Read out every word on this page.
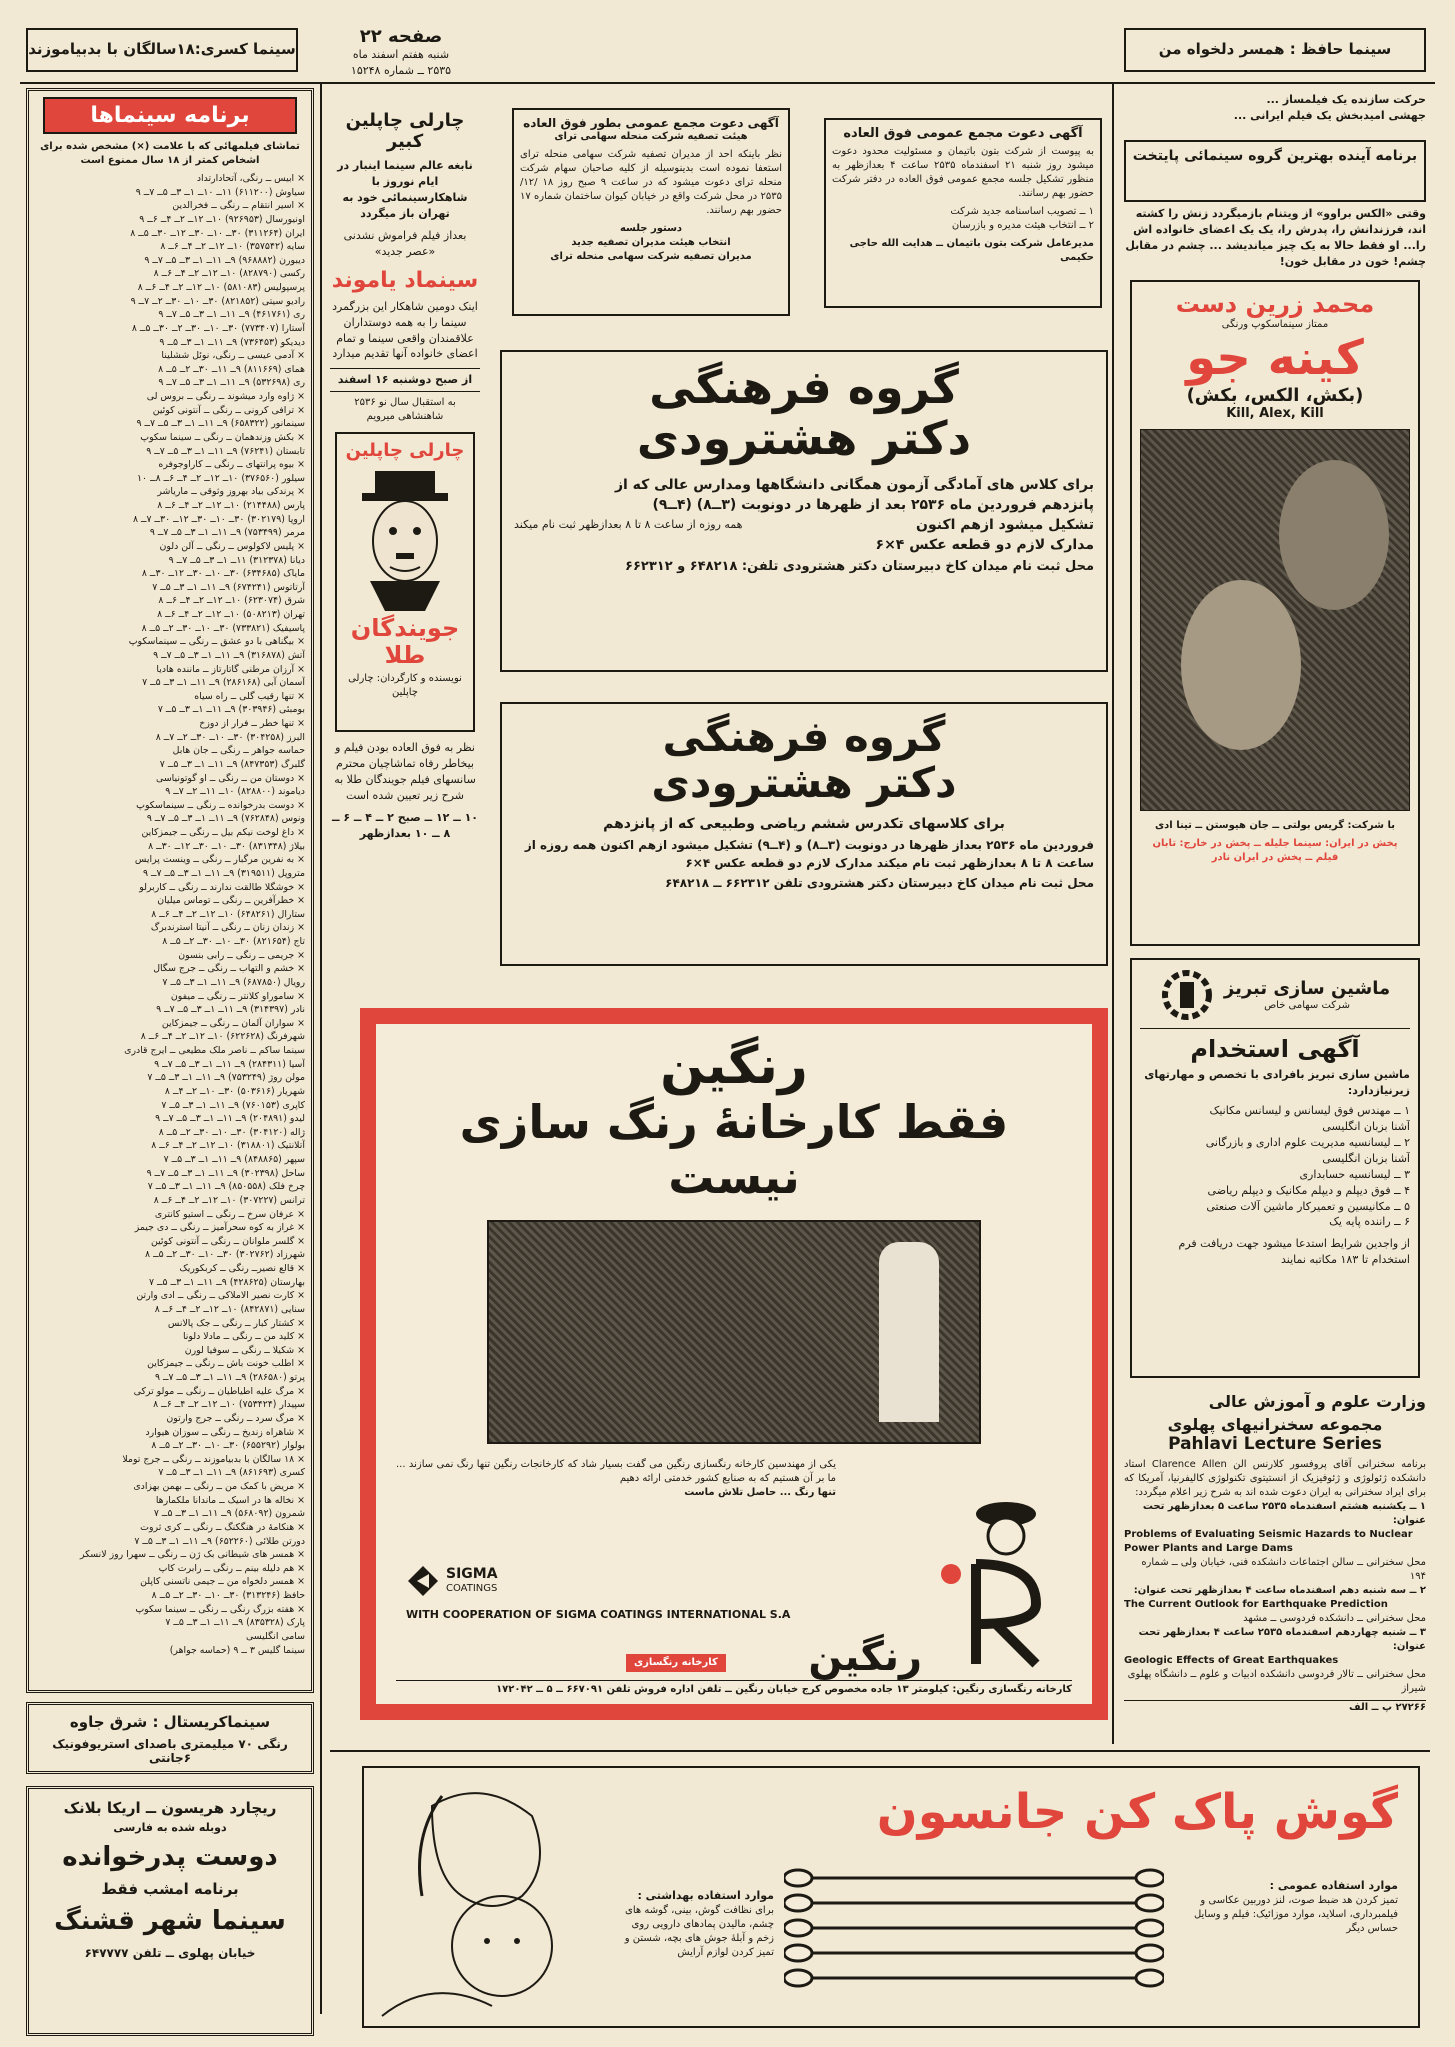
سینما کسری:۱۸سالگان با بدبیاموزند
صفحه ۲۲
شنبه هفتم اسفند ماه
۲۵۳۵ ــ شماره ۱۵۲۴۸
سینما حافظ : همسر دلخواه من
برنامه سینماها
تماشای فیلمهائی که با علامت (×) مشخص شده برای اشخاص کمتر از ۱۸ سال ممنوع است
× ابیس ــ رنگی، آتحادارتداد
سیاوش (۶۱۱۲۰۰) ۱۱ــ ۱۰ــ ۱ــ ۳ــ ۵ــ ۷ــ ۹
× اسیر انتقام ــ رنگی ــ فخرالدین
اونیورسال (۹۲۶۹۵۳) ۱۰ــ ۱۲ــ ۲ــ ۴ــ ۶ــ ۹
ایران (۳۱۱۲۶۴) ۳۰ــ ۱۰ــ ۳۰ــ ۱۲ــ ۳۰ــ ۵ــ ۸
سایه (۳۵۷۵۴۲) ۱۰ــ ۱۲ــ ۲ــ ۴ــ ۶ــ ۸
دیبورن (۹۶۸۸۸۲) ۹ــ ۱۱ــ ۱ــ ۳ــ ۵ــ ۷ــ ۹
رکسی (۸۲۸۷۹۰) ۱۰ــ ۱۲ــ ۲ــ ۴ــ ۶ــ ۸
پرسپولیس (۵۸۱۰۸۳) ۱۰ــ ۱۲ــ ۲ــ ۴ــ ۶ــ ۸
رادیو سیتی (۸۲۱۸۵۲) ۳۰ــ ۱۰ــ ۳۰ــ ۲ــ ۷ــ ۹
ری (۴۶۱۷۶۱) ۹ــ ۱۱ــ ۱ــ ۳ــ ۵ــ ۷ــ ۹
آستارا (۷۷۳۴۰۷) ۳۰ــ ۱۰ــ ۳۰ــ ۲ــ ۳۰ــ ۵ــ ۸
دیدیکو (۷۳۶۴۵۳) ۹ــ ۱۱ــ ۱ــ ۳ــ ۵ــ ۹
× آدمی عیسی ــ رنگی، نوئل ششلینا
همای (۸۱۱۶۶۹) ۹ــ ۱۱ــ ۳۰ــ ۲ــ ۵ــ ۸
ری (۵۳۲۶۹۸) ۹ــ ۱۱ــ ۱ــ ۳ــ ۵ــ ۷ــ ۹
× ژاوه وارد میشوند ــ رنگی ــ بروس لی
× ترافی کرونی ــ رنگی ــ آنتونی کوئین
سینمانور (۶۵۸۳۲۲) ۹ــ ۱۱ــ ۱ــ ۳ــ ۵ــ ۷ــ ۹
× بکش وزندهمان ــ رنگی ــ سینما سکوپ
تابستان (۷۶۲۴۱) ۹ــ ۱۱ــ ۱ــ ۳ــ ۵ــ ۷ــ ۹
× بیوه پرانتهای ــ رنگی ــ کاراوجوفره
سیلور (۳۷۶۵۶۰) ۱۰ــ ۱۲ــ ۲ــ ۴ــ ۶ــ ۸ــ ۱۰
× پرندکی بیاد بهروز وثوقی ــ ماریاشر
پارس (۲۱۴۴۸۸) ۱۰ــ ۱۲ــ ۲ــ ۴ــ ۶ــ ۸
اروپا (۳۰۲۱۷۹) ۳۰ــ ۱۰ــ ۳۰ــ ۱۲ــ ۳۰ــ ۷ــ ۸
مرمر (۷۵۳۴۹۹) ۹ــ ۱۱ــ ۱ــ ۳ــ ۵ــ ۷ــ ۹
× پلیس لاکولوس ــ رنگی ــ آلن دلون
دیانا (۳۱۲۳۷۸) ۱۱ــ ۱ــ ۳ــ ۵ــ ۷ــ ۹
مایاک (۶۳۴۶۸۵) ۳۰ــ ۱۰ــ ۳۰ــ ۱۲ــ ۳۰ــ ۸
آرتاتوس (۶۷۴۲۴۱) ۹ــ ۱۱ــ ۱ــ ۳ــ ۵ــ ۷
شرق (۶۲۳۰۷۴) ۱۰ــ ۱۲ــ ۲ــ ۴ــ ۶ــ ۸
تهران (۵۰۸۲۱۳) ۱۰ــ ۱۲ــ ۲ــ ۴ــ ۶ــ ۸
پاسیفیک (۷۳۳۸۲۱) ۳۰ــ ۱۰ــ ۳۰ــ ۲ــ ۵ــ ۸
× بیگناهی با دو عشق ــ رنگی ــ سینماسکوپ
آتش (۳۱۶۸۷۸) ۹ــ ۱۱ــ ۱ــ ۳ــ ۵ــ ۷ــ ۹
× آرزان مرطنی گاتارتاز ــ ماننده هادیا
آسمان آبی (۲۸۶۱۶۸) ۹ــ ۱۱ــ ۱ــ ۳ــ ۵ــ ۷
× تنها رقیب گلی ــ راه سیاه
بومبئی (۳۰۳۹۴۶) ۹ــ ۱۱ــ ۱ــ ۳ــ ۵ــ ۷
× تنها خطر ــ فرار از دوزخ
البرز (۳۰۴۲۵۸) ۳۰ــ ۱۰ــ ۳۰ــ ۲ــ ۷ــ ۸
حماسه جواهر ــ رنگی ــ جان هابل
گلبرگ (۸۴۷۳۵۳) ۹ــ ۱۱ــ ۱ــ ۳ــ ۵ــ ۷
× دوستان من ــ رنگی ــ او گوتونیاسی
دیاموند (۸۲۸۸۰۰) ۱۰ــ ۱۱ــ ۲ــ ۷ــ ۹
× دوست بدرخوانده ــ رنگی ــ سینماسکوپ
ونوس (۷۶۲۸۴۸) ۹ــ ۱۱ــ ۱ــ ۳ــ ۵ــ ۷ــ ۹
× داغ لوخت نیکم بیل ــ رنگی ــ جیمزکاین
بیلاژ (۸۳۱۳۴۸) ۳۰ــ ۱۰ــ ۳۰ــ ۱۲ــ ۳۰ــ ۸
× به نفرین مرگبار ــ رنگی ــ وینست پرایس
متروپل (۳۱۹۵۱۱) ۹ــ ۱۱ــ ۱ــ ۳ــ ۵ــ ۷ــ ۹
× خوشگلا طالقت ندارند ــ رنگی ــ کاربرلو
× خطرآفرین ــ رنگی ــ توماس میلیان
ستارال (۶۴۸۲۶۱) ۱۰ــ ۱۲ــ ۲ــ ۴ــ ۶ــ ۸
× زندان زنان ــ رنگی ــ آنیتا استرندبرگ
تاج (۸۲۱۶۵۴) ۳۰ــ ۱۰ــ ۳۰ــ ۲ــ ۵ــ ۸
× جریمی ــ رنگی ــ رابی بنسون
× خشم و التهاب ــ رنگی ــ جرج سگال
رویال (۶۸۷۸۵۰) ۹ــ ۱۱ــ ۱ــ ۳ــ ۵ــ ۷
× ساموراو کلانتر ــ رنگی ــ میفون
نادر (۳۱۴۳۹۷) ۹ــ ۱۱ــ ۱ــ ۳ــ ۵ــ ۷ــ ۹
× سواران آلمان ــ رنگی ــ جیمزکاین
شهرفرنگ (۶۲۲۶۲۸) ۱۰ــ ۱۲ــ ۲ــ ۴ــ ۶ــ ۸
سینما ساکم ــ ناصر ملک مطیعی ــ ایرج قادری
آسیا (۲۸۴۳۱۱) ۹ــ ۱۱ــ ۱ــ ۳ــ ۵ــ ۷ــ ۹
مولن روژ (۷۵۳۲۴۹) ۹ــ ۱۱ــ ۱ــ ۳ــ ۵ــ ۷
شهریار (۵۰۳۶۱۶) ۳۰ــ ۱۰ــ ۲ــ ۴ــ ۸
کاپری (۷۶۰۱۵۳) ۹ــ ۱۱ــ ۱ــ ۳ــ ۵ــ ۷
لیدو (۲۰۴۸۹۱) ۹ــ ۱۱ــ ۱ــ ۳ــ ۵ــ ۷ــ ۹
ژاله (۳۰۴۱۲۰) ۳۰ــ ۱۰ــ ۳۰ــ ۲ــ ۵ــ ۸
آتلانتیک (۳۱۸۸۰۱) ۱۰ــ ۱۲ــ ۲ــ ۴ــ ۶ــ ۸
سپهر (۸۴۸۸۶۵) ۹ــ ۱۱ــ ۱ــ ۳ــ ۵ــ ۷
ساحل (۳۰۲۳۹۸) ۹ــ ۱۱ــ ۱ــ ۳ــ ۵ــ ۷ــ ۹
چرخ فلک (۸۵۰۵۵۸) ۹ــ ۱۱ــ ۱ــ ۳ــ ۵ــ ۷
ترانس (۳۰۷۲۲۷) ۱۰ــ ۱۲ــ ۲ــ ۴ــ ۶ــ ۸
× عرفان سرخ ــ رنگی ــ استیو کانتری
× غراز به کوه سحرآمیز ــ رنگی ــ دی جیمز
× گلسر ملوانان ــ رنگی ــ آنتونی کوئین
شهرزاد (۳۰۲۷۶۲) ۳۰ــ ۱۰ــ ۳۰ــ ۲ــ ۵ــ ۸
× قالع نصیرــ رنگی ــ کربکوریک
بهارستان (۴۲۸۶۲۵) ۹ــ ۱۱ــ ۱ــ ۳ــ ۵ــ ۷
× کارت نصیر الاملاکی ــ رنگی ــ ادی وارتن
سنایی (۸۴۲۸۷۱) ۱۰ــ ۱۲ــ ۲ــ ۴ــ ۶ــ ۸
× کشتار کبار ــ رنگی ــ جک پالانس
× کلید من ــ رنگی ــ مادلا دلونا
× شکیلا ــ رنگی ــ سوفیا لورن
× اطلب خونت باش ــ رنگی ــ جیمزکاین
پرتو (۲۸۶۵۸۰) ۹ــ ۱۱ــ ۱ــ ۳ــ ۵ــ ۷ــ ۹
× مرگ علیه اطیاطیان ــ رنگی ــ مولو ترکی
سپیدار (۷۵۳۴۲۴) ۱۰ــ ۱۲ــ ۲ــ ۴ــ ۶ــ ۸
× مرگ سرد ــ رنگی ــ جرج وارتون
× شاهراه زندیخ ــ رنگی ــ سوزان هیوارد
بولوار (۶۵۵۲۹۲) ۳۰ــ ۱۰ــ ۳۰ــ ۲ــ ۵ــ ۸
× ۱۸ سالگان با بدبیاموزند ــ رنگی ــ جرج توملا
کسری (۸۶۱۶۹۳) ۹ــ ۱۱ــ ۱ــ ۳ــ ۵ــ ۷
× مریض با کمک من ــ رنگی ــ بهمن بهزادی
× نخاله ها در اسیک ــ ماندانا ملکمارها
شمرون (۵۶۸۰۹۲) ۹ــ ۱۱ــ ۱ــ ۳ــ ۵ــ ۷
× هنکامهٔ در هنگکنگ ــ رنگی ــ کری ثروت
دورتن طلائی (۶۵۲۲۶۰) ۹ــ ۱۱ــ ۱ــ ۳ــ ۵ــ ۷
× همسر های شیطانی بک ژن ــ رنگی ــ سهرا روز لانسکر
× هم دلیله بینم ــ رنگی ــ رابرت کاپ
× همسر دلخواه من ــ جیمی ناتسنی کاپلن
حافظ (۳۱۳۲۴۶) ۳۰ــ ۱۰ــ ۳۰ــ ۲ــ ۵ــ ۸
× هفته بزرگ رنگی ــ رنگی ــ سینما سکوپ
پارک (۸۳۵۳۲۸) ۹ــ ۱۱ــ ۱ــ ۳ــ ۵ــ ۷
سامی انگلیسی
سینما گلیس ۳ ــ ۹ (حماسه جواهر)
سینماکریستال : شرق جاوه
رنگی ۷۰ میلیمتری باصدای استریوفونیک ۶جانتی
ریچارد هریسون ــ اریکا بلانک
دوبله شده به فارسی
دوست پدرخوانده
برنامه امشب فقط
سینما شهر قشنگ
خیابان پهلوی ــ تلفن ۶۴۷۷۷۷
چارلی چاپلین کبیر
نابغه عالم سینما اینبار در ایام نوروز با شاهکارسینمائی خود به تهران باز میگردد
بعداز فیلم فراموش نشدنی «عصر جدید»
سینماد یاموند
اینک دومین شاهکار این بزرگمرد سینما را به همه دوستداران علاقمندان واقعی سینما و تمام اعضای خانواده آنها تقدیم میدارد
از صبح دوشنبه ۱۶ اسفند
به استقبال سال نو ۲۵۳۶ شاهنشاهی میرویم
چارلی چاپلین
جویندگان طلا
نویسنده و کارگردان: چارلی چاپلین
نظر به فوق العاده بودن فیلم و بیخاطر رفاه تماشاچیان محترم سانسهای فیلم جویندگان طلا به شرح زیر تعیین شده است
۱۰ ــ ۱۲ ــ صبح ۲ ــ ۴ ــ ۶ ــ ۸ ــ ۱۰ بعدازظهر
آگهی دعوت مجمع عمومی بطور فوق العاده
هیئت تصفیه شرکت منحله سهامی ترای
نظر باینکه احد از مدیران تصفیه شرکت سهامی منحله ترای استعفا نموده است بدینوسیله از کلیه صاحبان سهام شرکت منحله ترای دعوت میشود که در ساعت ۹ صبح روز ۱۸ /۱۲/ ۲۵۳۵ در محل شرکت واقع در خیابان کیوان ساختمان شماره ۱۷ حضور بهم رسانند.
دستور جلسه
انتخاب هیئت مدیران تصفیه جدید
مدیران تصفیه شرکت سهامی منحله ترای
آگهی دعوت مجمع عمومی فوق العاده
به پیوست از شرکت بتون باتیمان و مسئولیت محدود دعوت میشود روز شنبه ۲۱ اسفندماه ۲۵۳۵ ساعت ۴ بعدازظهر به منظور تشکیل جلسه مجمع عمومی فوق العاده در دفتر شرکت حضور بهم رسانند.
۱ ــ تصویب اساسنامه جدید شرکت
۲ ــ انتخاب هیئت مدیره و بازرسان
مدیرعامل شرکت بتون باتیمان ــ هدایت الله حاجی حکیمی
گروه فرهنگی
دکتر هشترودی
برای کلاس های آمادگی آزمون همگانی دانشگاهها ومدارس عالی که از
پانزدهم فروردین ماه ۲۵۳۶ بعد از ظهرها در دونوبت (۳ــ۸) (۴ــ۹)
تشکیل میشود ازهم اکنون
همه روزه از ساعت ۸ تا ۸ بعدازظهر ثبت نام میکند
مدارک لازم دو قطعه عکس ۴×۶
محل ثبت نام میدان کاخ دبیرستان دکتر هشترودی تلفن: ۶۴۸۲۱۸ و ۶۶۲۳۱۲
گروه فرهنگی
دکتر هشترودی
برای کلاسهای تکدرس ششم ریاضی وطبیعی که از پانزدهم
فروردین ماه ۲۵۳۶ بعداز ظهرها در دونوبت (۳ــ۸) و (۴ــ۹) تشکیل میشود ازهم اکنون همه روزه از
ساعت ۸ تا ۸ بعدازظهر ثبت نام میکند مدارک لازم دو قطعه عکس ۴×۶
محل ثبت نام میدان کاخ دبیرستان دکتر هشترودی تلفن ۶۶۲۳۱۲ ــ ۶۴۸۲۱۸
رنگین
فقط کارخانهٔ رنگ سازی نیست
یکی از مهندسین کارخانه رنگسازی رنگین می گفت بسیار شاد که کارخانجات رنگین تنها رنگ نمی سازند ... ما بر آن هستیم که به صنایع کشور خدمتی ارائه دهیم
تنها رنگ ... حاصل تلاش ماست
SIGMA
COATINGS
WITH COOPERATION OF SIGMA COATINGS INTERNATIONAL S.A
رنگین
کارخانه رنگسازی
کارخانه رنگسازی رنگین: کیلومتر ۱۳ جاده مخصوص کرج خیابان رنگین ــ تلفن اداره فروش تلفن ۶۶۷۰۹۱ ــ ۵ ــ ۱۷۲۰۴۲
حرکت سازنده یک فیلمساز ...
جهشی امیدبخش یک فیلم ایرانی ...
برنامه آینده بهترین گروه سینمائی پایتخت
وقتی «الکس براوو» از ویتنام بازمیگردد زنش را کشته اند، فرزندانش را، پدرش را، یک یک اعضای خانواده اش را... او فقط حالا به یک چیز میاندیشد ... چشم در مقابل چشم! خون در مقابل خون!
محمد زرین دست
ممتاز سینماسکوپ ورنگی
کینه جو
(بکش، الکس، بکش)
Kill, Alex, Kill
با شرکت: گریس بولتی ــ جان هیوستن ــ تینا ادی
پخش در ایران: سینما جلیله ــ پخش در خارج: تابان فیلم ــ پخش در ایران نادر
ماشین سازی تبریز
شرکت سهامی خاص
آگهی استخدام
ماشین سازی تبریز بافرادی با تخصص و مهارتهای زیرنیازدارد:
۱ ــ مهندس فوق لیسانس و لیسانس مکانیک
آشنا بزبان انگلیسی
۲ ــ لیسانسیه مدیریت علوم اداری و بازرگانی
آشنا بزبان انگلیسی
۳ ــ لیسانسیه حسابداری
۴ ــ فوق دیپلم و دیپلم مکانیک و دیپلم ریاضی
۵ ــ مکانیسین و تعمیرکار ماشین آلات صنعتی
۶ ــ راننده پایه یک
از واجدین شرایط استدعا میشود جهت دریافت فرم استخدام تا ۱۸۳ مکاتبه نمایند
وزارت علوم و آموزش عالی
مجموعه سخنرانیهای پهلوی
Pahlavi Lecture Series
برنامه سخنرانی آقای پروفسور کلارنس الن Clarence Allen استاد دانشکده ژئولوژی و ژئوفیزیک از انستیتوی تکنولوژی کالیفرنیا، آمریکا که برای ایراد سخنرانی به ایران دعوت شده اند به شرح زیر اعلام میگردد:
۱ ــ یکشنبه هشتم اسفندماه ۲۵۳۵ ساعت ۵ بعدازظهر تحت عنوان:
Problems of Evaluating Seismic Hazards to Nuclear Power Plants and Large Dams
محل سخنرانی ــ سالن اجتماعات دانشکده فنی، خیابان ولی ــ شماره ۱۹۴
۲ ــ سه شنبه دهم اسفندماه ساعت ۴ بعدازظهر تحت عنوان:
The Current Outlook for Earthquake Prediction
محل سخنرانی ــ دانشکده فردوسی ــ مشهد
۳ ــ شنبه چهاردهم اسفندماه ۲۵۳۵ ساعت ۴ بعدازظهر تحت عنوان:
Geologic Effects of Great Earthquakes
محل سخنرانی ــ تالار فردوسی دانشکده ادبیات و علوم ــ دانشگاه پهلوی شیراز
۲۷۲۶۶ پ ــ الف
گوش پاک کن جانسون
موارد استفاده بهداشتی :
برای نظافت گوش، بینی، گوشه های چشم، مالیدن پمادهای دارویی روی زخم و آبلهٔ جوش های بچه، شستن و تمیز کردن لوازم آرایش
موارد استفاده عمومی :
تمیز کردن هد ضبط صوت، لنز دوربین عکاسی و فیلمبرداری، اسلاید، موارد موزائیک: فیلم و وسایل حساس دیگر
